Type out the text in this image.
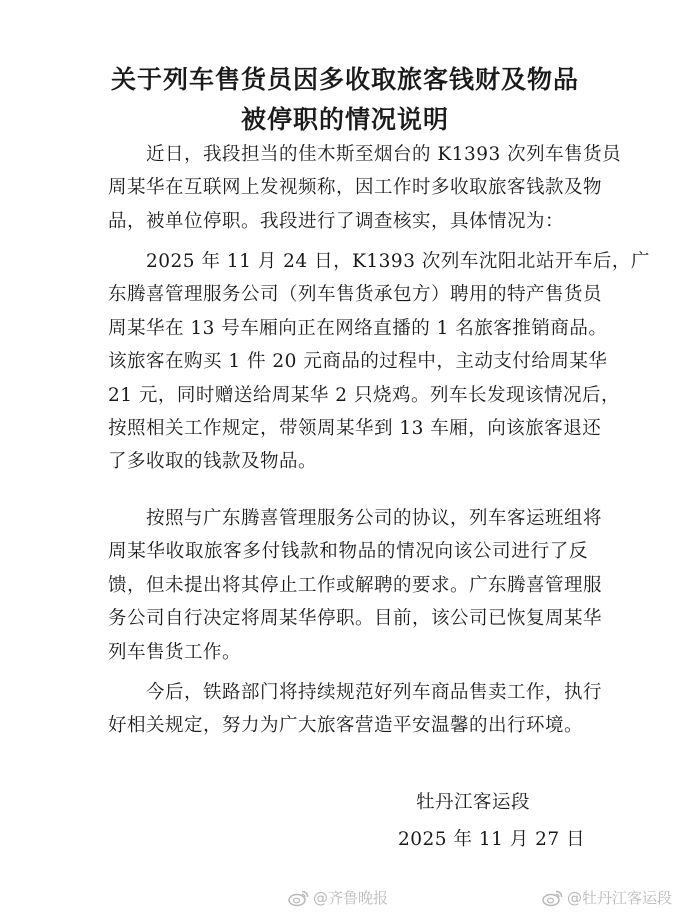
关于列车售货员因多收取旅客钱财及物品
被停职的情况说明
近日，我段担当的佳木斯至烟台的 K1393 次列车售货员
周某华在互联网上发视频称，因工作时多收取旅客钱款及物
品，被单位停职。我段进行了调查核实，具体情况为：
2025 年 11 月 24 日，K1393 次列车沈阳北站开车后，广
东腾喜管理服务公司（列车售货承包方）聘用的特产售货员
周某华在 13 号车厢向正在网络直播的 1 名旅客推销商品。
该旅客在购买 1 件 20 元商品的过程中，主动支付给周某华
21 元，同时赠送给周某华 2 只烧鸡。列车长发现该情况后，
按照相关工作规定，带领周某华到 13 车厢，向该旅客退还
了多收取的钱款及物品。
按照与广东腾喜管理服务公司的协议，列车客运班组将
周某华收取旅客多付钱款和物品的情况向该公司进行了反
馈，但未提出将其停止工作或解聘的要求。广东腾喜管理服
务公司自行决定将周某华停职。目前，该公司已恢复周某华
列车售货工作。
今后，铁路部门将持续规范好列车商品售卖工作，执行
好相关规定，努力为广大旅客营造平安温馨的出行环境。
牡丹江客运段
2025 年 11 月 27 日
@齐鲁晚报	@牡丹江客运段
